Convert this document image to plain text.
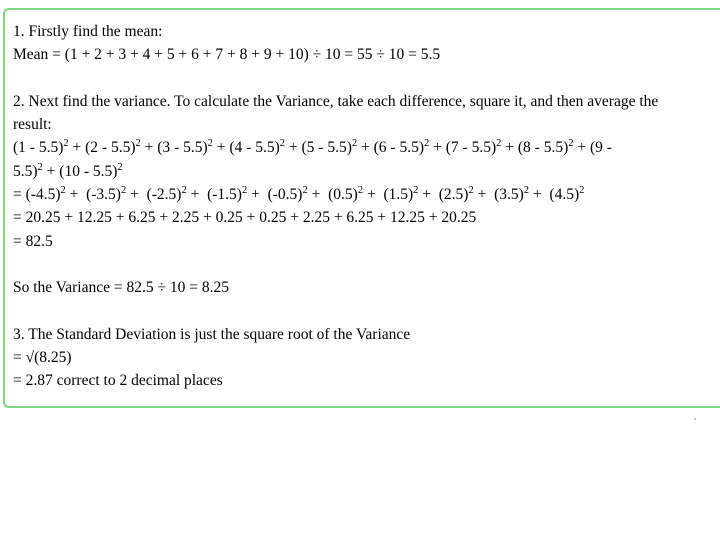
1. Firstly find the mean:
Mean = (1 + 2 + 3 + 4 + 5 + 6 + 7 + 8 + 9 + 10) ÷ 10 = 55 ÷ 10 = 5.5
2. Next find the variance. To calculate the Variance, take each difference, square it, and then average the
result:
(1 - 5.5)$^2$ + (2 - 5.5)$^2$ + (3 - 5.5)$^2$ + (4 - 5.5)$^2$ + (5 - 5.5)$^2$ + (6 - 5.5)$^2$ + (7 - 5.5)$^2$ + (8 - 5.5)$^2$ + (9 -
5.5)$^2$ + (10 - 5.5)$^2$
= $(-4.5)^2 + (-3.5)^2 + (-2.5)^2 + (-1.5)^2 + (-0.5)^2 + (0.5)^2 + (1.5)^2 + (2.5)^2 + (3.5)^2 + (4.5)^2$
= 20.25 + 12.25 + 6.25 + 2.25 + 0.25 + 0.25 + 2.25 + 6.25 + 12.25 + 20.25
= 82.5
So the Variance = 82.5 ÷ 10 = 8.25
3. The Standard Deviation is just the square root of the Variance
= √(8.25)
= 2.87 correct to 2 decimal places
